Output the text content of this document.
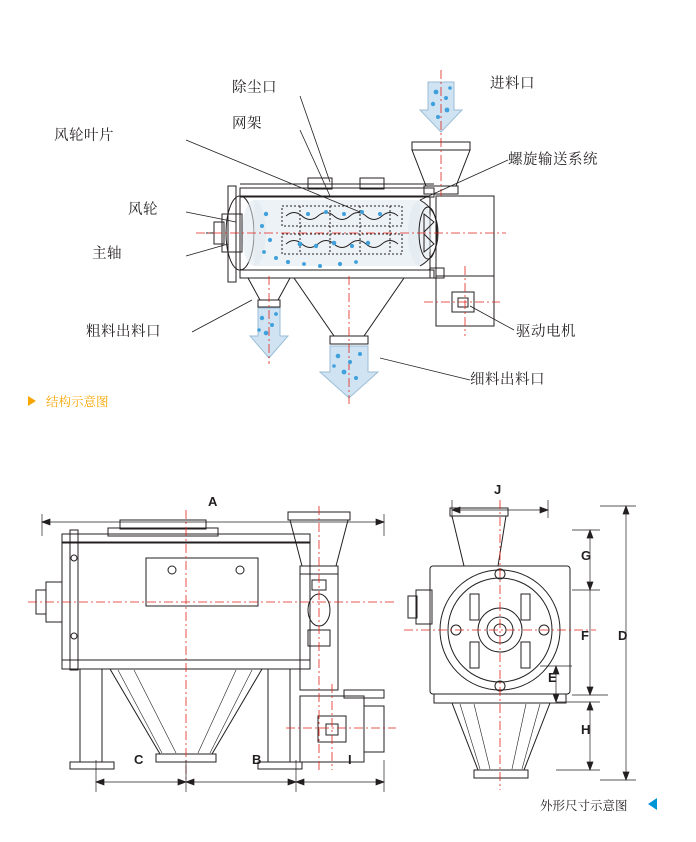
除尘口
网架
风轮叶片
风轮
主轴
粗料出料口
进料口
螺旋输送系统
驱动电机
细料出料口
结构示意图
A
J
G
F D
E
H
C	B	I
外形尺寸示意图
